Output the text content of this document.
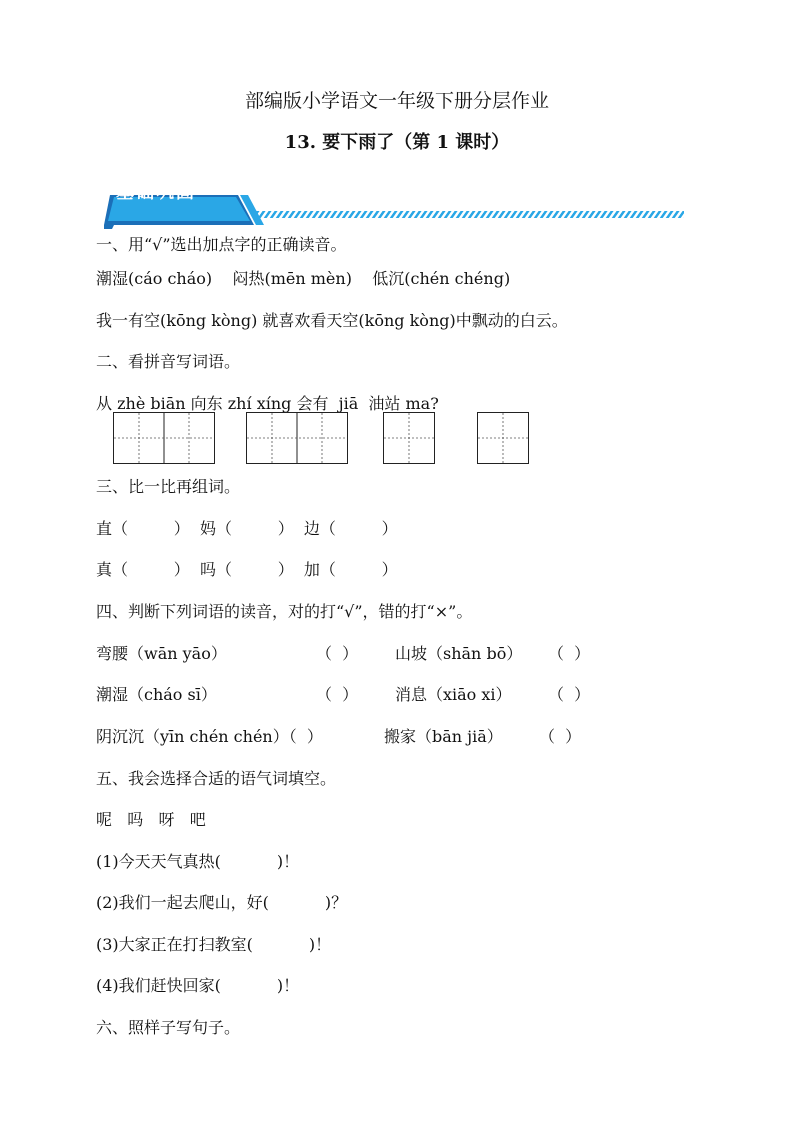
部编版小学语文一年级下册分层作业
13. 要下雨了（第 1 课时）

基础巩固

一、用“√”选出加点字的正确读音。
潮湿(cáo cháo)    闷热(mēn mèn)    低沉(chén chéng)
我一有空(kōng kòng) 就喜欢看天空(kōng kòng)中飘动的白云。
二、看拼音写词语。
从 zhè biān 向东 zhí xíng 会有  jiā  油站 ma?
三、比一比再组词。
直（         ）  妈（         ）  边（         ）
真（         ）  吗（         ）  加（         ）
四、判断下列词语的读音，对的打“√”，错的打“×”。
弯腰（wān yāo）	（  ） 山坡（shān bō） （  ）
潮湿（cháo sī）	（  ） 消息（xiāo xi） （  ）
阴沉沉（yīn chén chén）（  ）	搬家（bān jiā） （  ）
五、我会选择合适的语气词填空。
呢   吗   呀   吧
(1)今天天气真热(           )！
(2)我们一起去爬山，好(           )？
(3)大家正在打扫教室(           )！
(4)我们赶快回家(           )！
六、照样子写句子。
